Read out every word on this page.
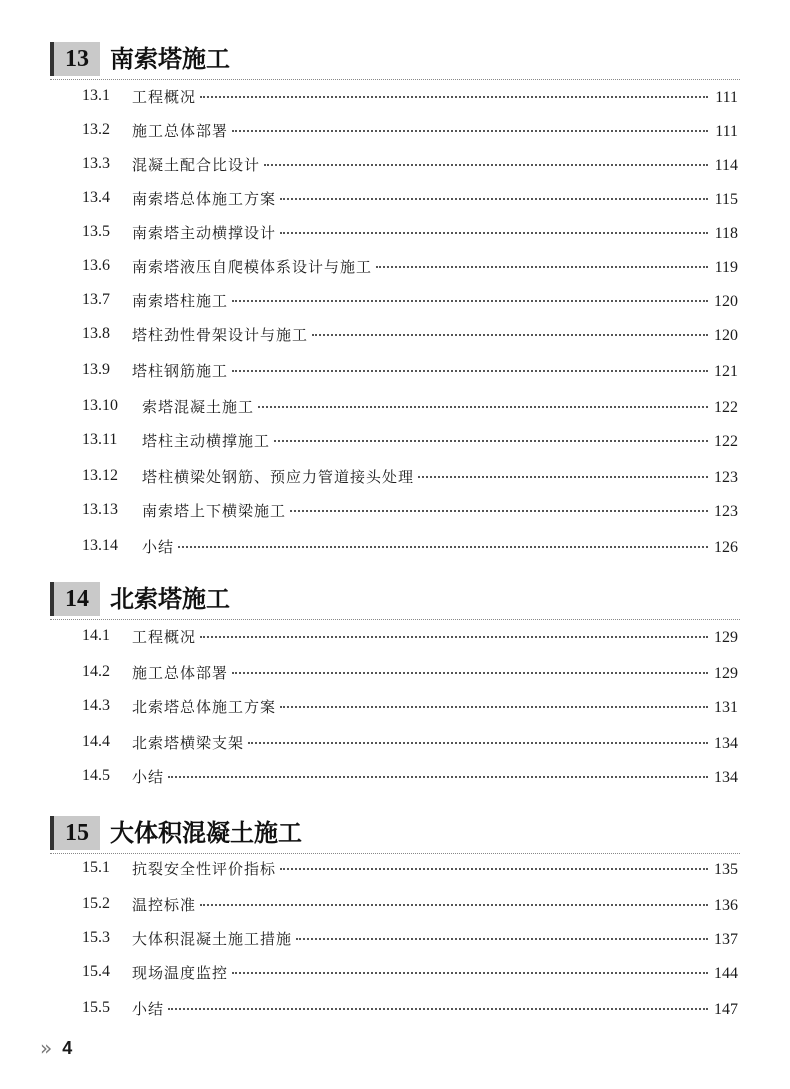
13 南索塔施工
13.1	工程概况	111
13.2	施工总体部署	111
13.3	混凝土配合比设计	114
13.4	南索塔总体施工方案	115
13.5	南索塔主动横撑设计	118
13.6	南索塔液压自爬模体系设计与施工	119
13.7	南索塔柱施工	120
13.8	塔柱劲性骨架设计与施工	120
13.9	塔柱钢筋施工	121
13.10	索塔混凝土施工	122
13.11	塔柱主动横撑施工	122
13.12	塔柱横梁处钢筋、预应力管道接头处理	123
13.13	南索塔上下横梁施工	123
13.14	小结	126
14 北索塔施工
14.1	工程概况	129
14.2	施工总体部署	129
14.3	北索塔总体施工方案	131
14.4	北索塔横梁支架	134
14.5	小结	134
15 大体积混凝土施工
15.1	抗裂安全性评价指标	135
15.2	温控标准	136
15.3	大体积混凝土施工措施	137
15.4	现场温度监控	144
15.5	小结	147
» 4
